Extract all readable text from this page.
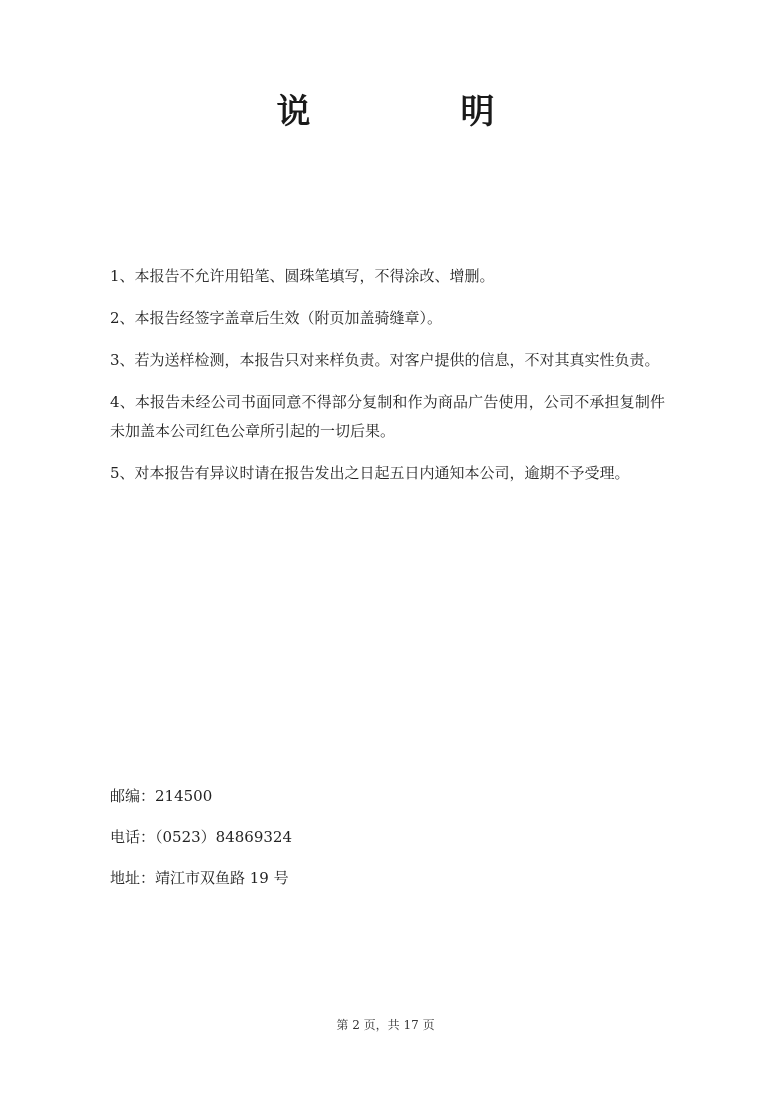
说	明
1、本报告不允许用铅笔、圆珠笔填写，不得涂改、增删。
2、本报告经签字盖章后生效（附页加盖骑缝章）。
3、若为送样检测，本报告只对来样负责。对客户提供的信息，不对其真实性负责。
4、本报告未经公司书面同意不得部分复制和作为商品广告使用，公司不承担复制件未加盖本公司红色公章所引起的一切后果。
5、对本报告有异议时请在报告发出之日起五日内通知本公司，逾期不予受理。
邮编：214500
电话：（0523）84869324
地址：靖江市双鱼路 19 号
第 2 页，共 17 页
